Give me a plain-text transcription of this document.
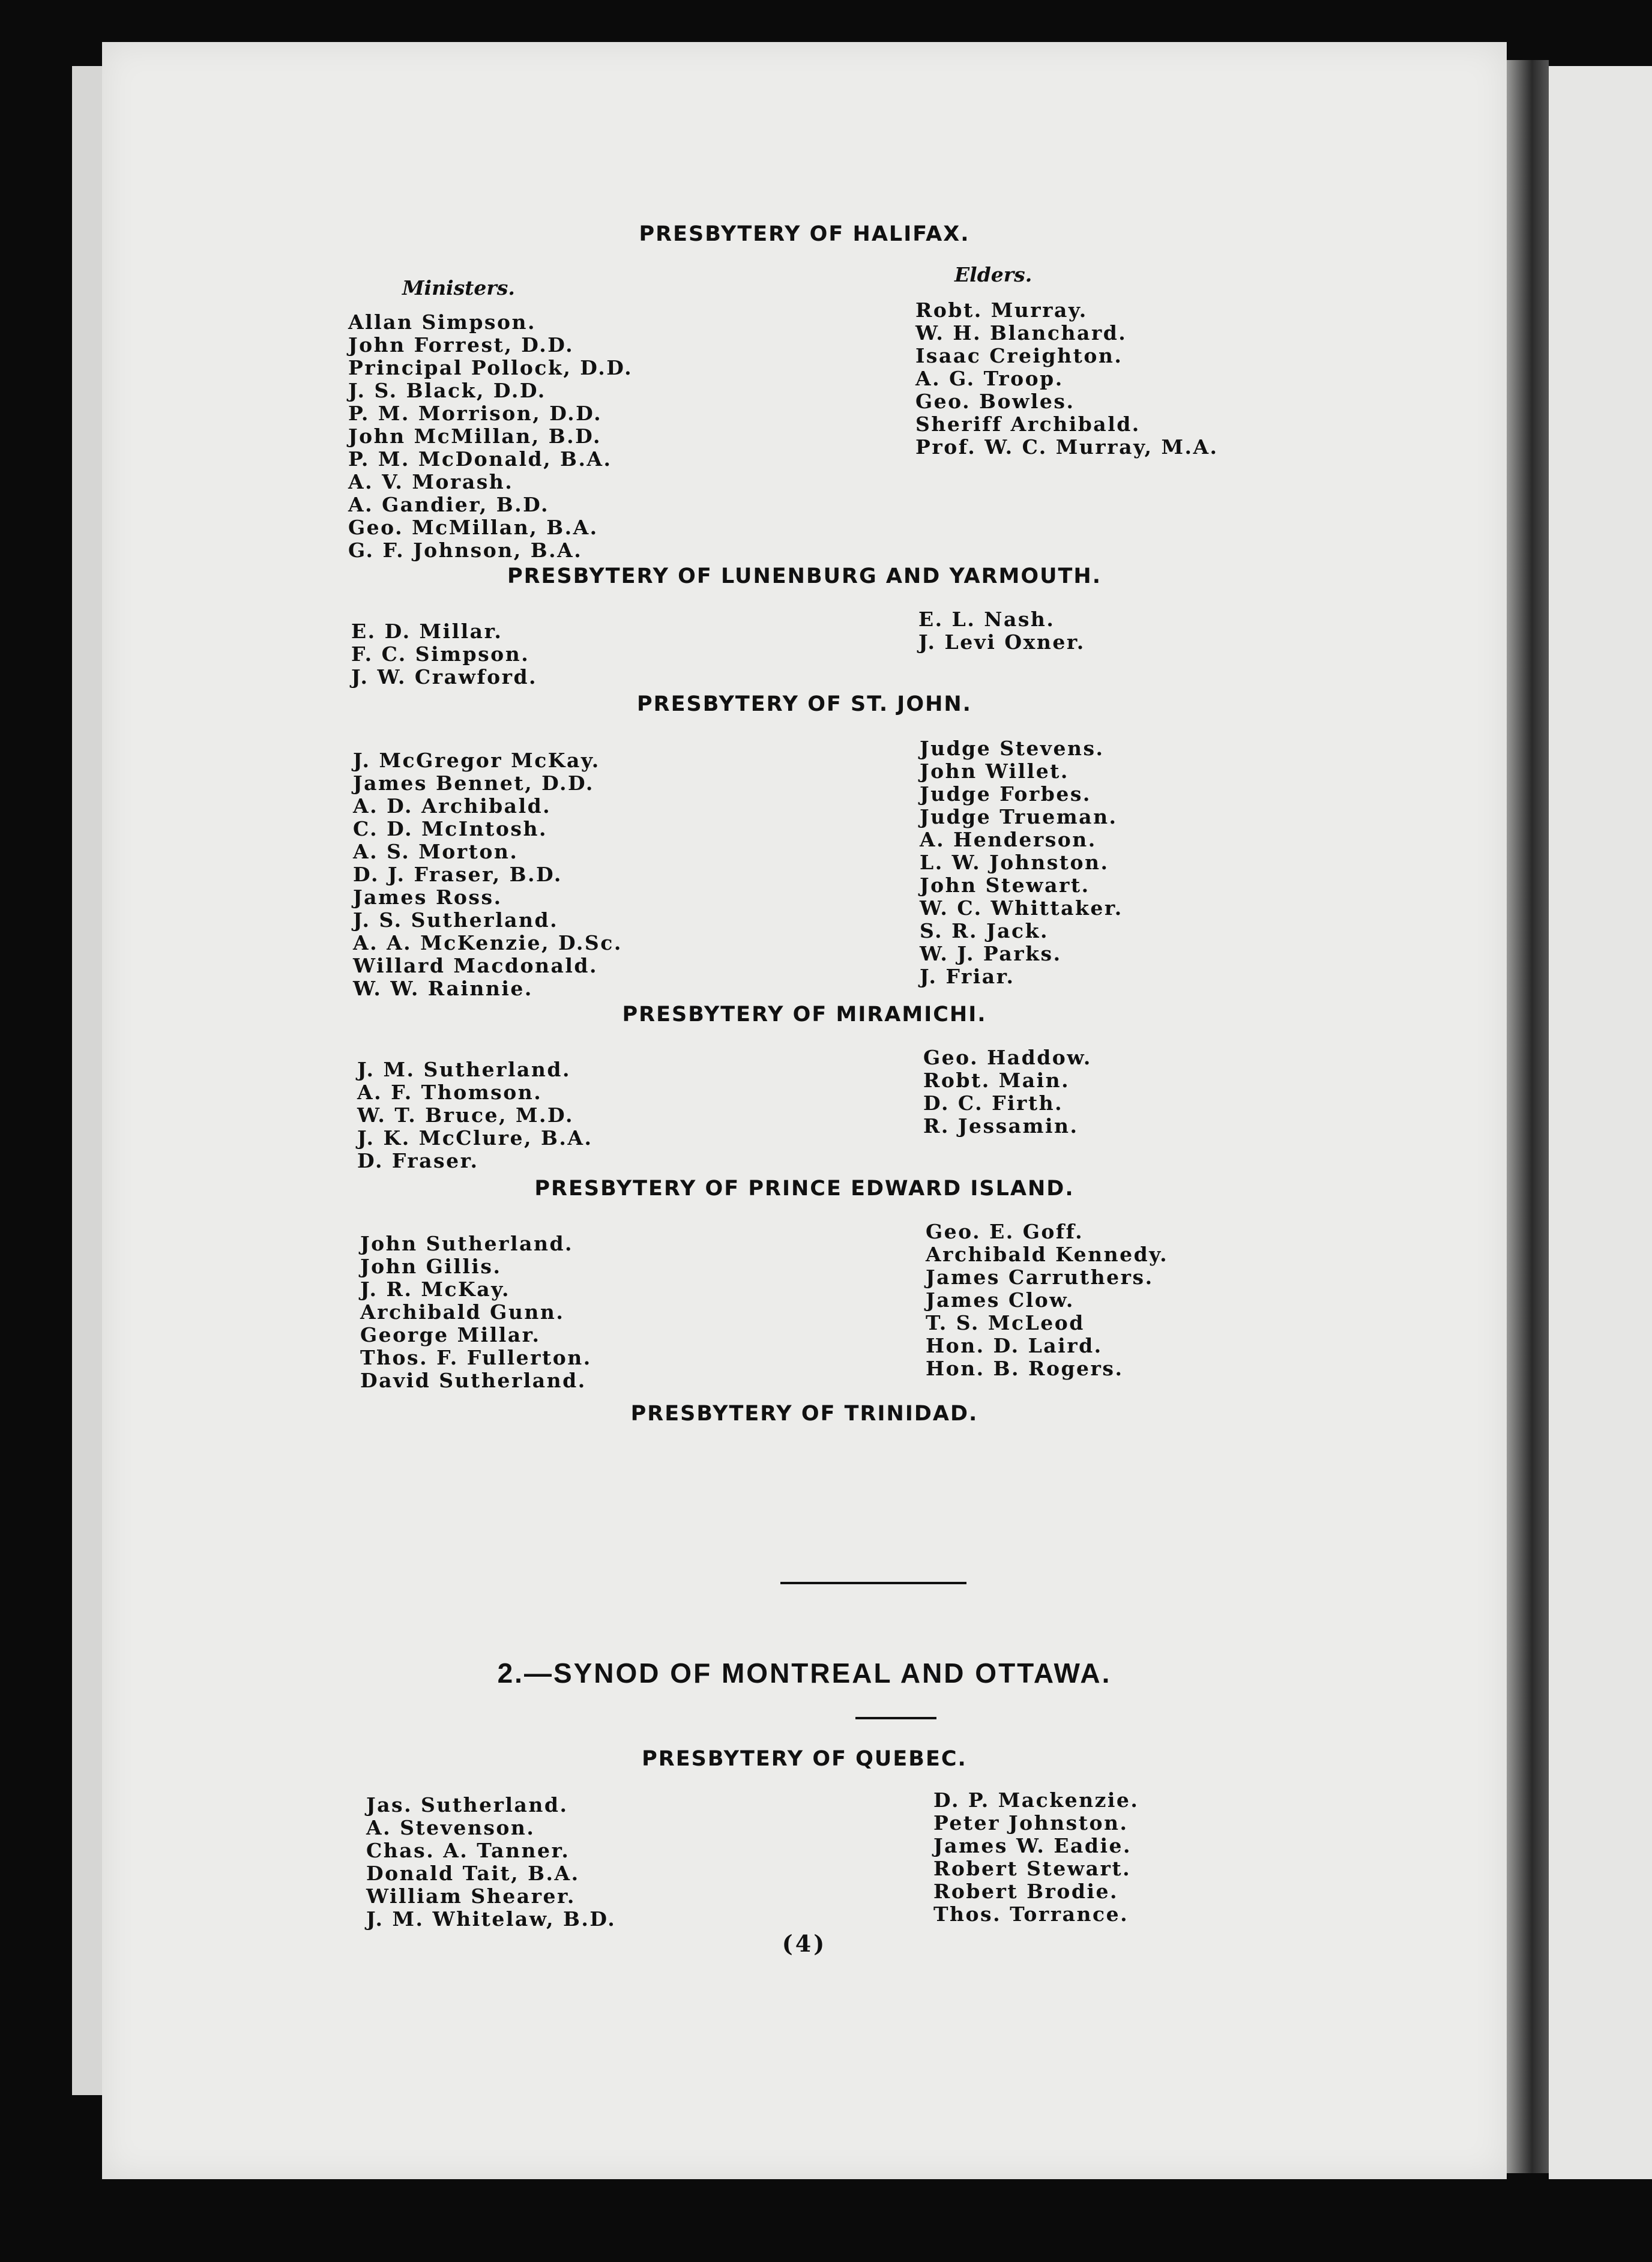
PRESBYTERY OF HALIFAX.
Ministers.
Elders.
Allan Simpson.
John Forrest, D.D.
Principal Pollock, D.D.
J. S. Black, D.D.
P. M. Morrison, D.D.
John McMillan, B.D.
P. M. McDonald, B.A.
A. V. Morash.
A. Gandier, B.D.
Geo. McMillan, B.A.
G. F. Johnson, B.A.
Robt. Murray.
W. H. Blanchard.
Isaac Creighton.
A. G. Troop.
Geo. Bowles.
Sheriff Archibald.
Prof. W. C. Murray, M.A.
PRESBYTERY OF LUNENBURG AND YARMOUTH.
E. D. Millar.
F. C. Simpson.
J. W. Crawford.
E. L. Nash.
J. Levi Oxner.
PRESBYTERY OF ST. JOHN.
J. McGregor McKay.
James Bennet, D.D.
A. D. Archibald.
C. D. McIntosh.
A. S. Morton.
D. J. Fraser, B.D.
James Ross.
J. S. Sutherland.
A. A. McKenzie, D.Sc.
Willard Macdonald.
W. W. Rainnie.
Judge Stevens.
John Willet.
Judge Forbes.
Judge Trueman.
A. Henderson.
L. W. Johnston.
John Stewart.
W. C. Whittaker.
S. R. Jack.
W. J. Parks.
J. Friar.
PRESBYTERY OF MIRAMICHI.
J. M. Sutherland.
A. F. Thomson.
W. T. Bruce, M.D.
J. K. McClure, B.A.
D. Fraser.
Geo. Haddow.
Robt. Main.
D. C. Firth.
R. Jessamin.
PRESBYTERY OF PRINCE EDWARD ISLAND.
John Sutherland.
John Gillis.
J. R. McKay.
Archibald Gunn.
George Millar.
Thos. F. Fullerton.
David Sutherland.
Geo. E. Goff.
Archibald Kennedy.
James Carruthers.
James Clow.
T. S. McLeod
Hon. D. Laird.
Hon. B. Rogers.
PRESBYTERY OF TRINIDAD.
2.—SYNOD OF MONTREAL AND OTTAWA.
PRESBYTERY OF QUEBEC.
Jas. Sutherland.
A. Stevenson.
Chas. A. Tanner.
Donald Tait, B.A.
William Shearer.
J. M. Whitelaw, B.D.
D. P. Mackenzie.
Peter Johnston.
James W. Eadie.
Robert Stewart.
Robert Brodie.
Thos. Torrance.
(4)
